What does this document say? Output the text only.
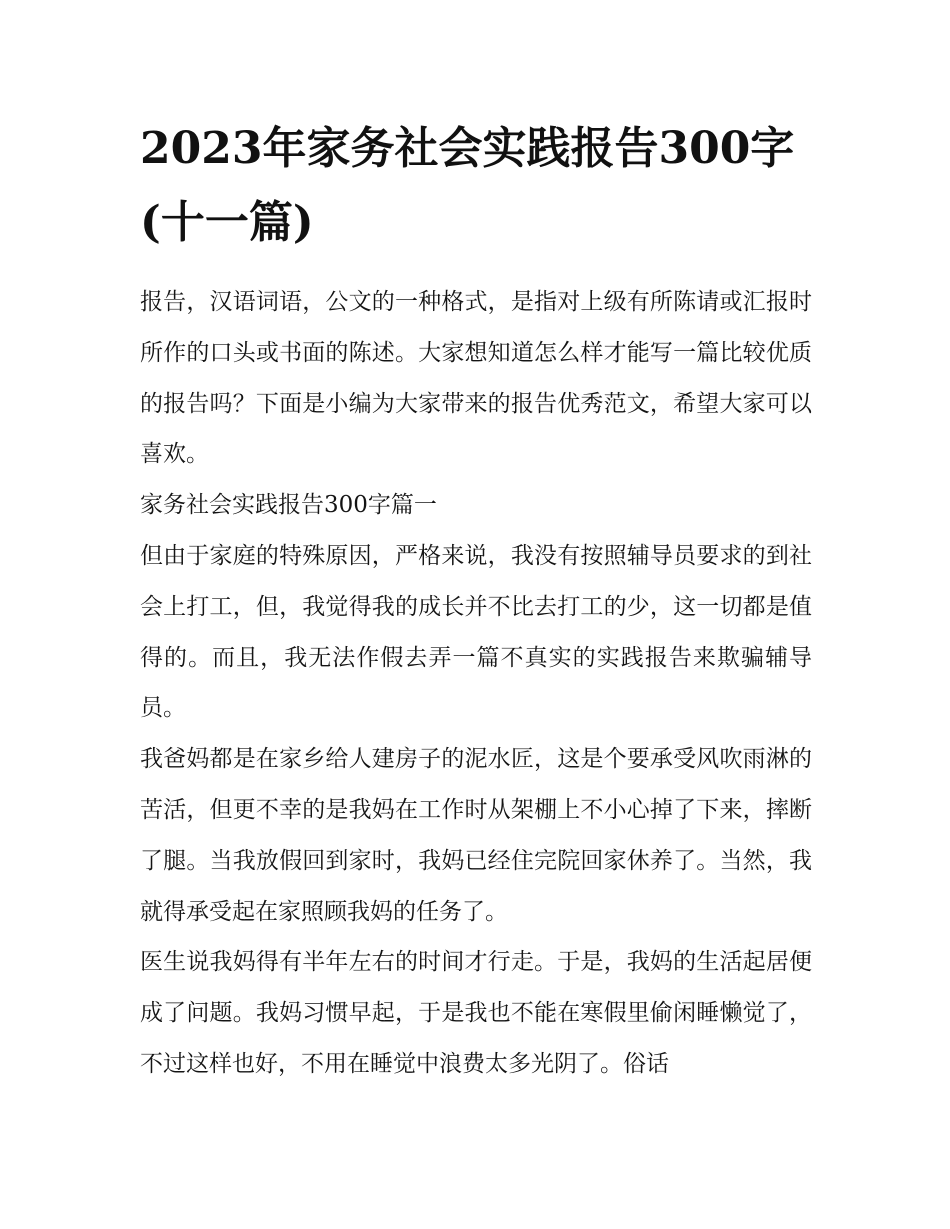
2023年家务社会实践报告300字(十一篇)

报告，汉语词语，公文的一种格式，是指对上级有所陈请或汇报时所作的口头或书面的陈述。大家想知道怎么样才能写一篇比较优质的报告吗？下面是小编为大家带来的报告优秀范文，希望大家可以喜欢。

家务社会实践报告300字篇一

但由于家庭的特殊原因，严格来说，我没有按照辅导员要求的到社会上打工，但，我觉得我的成长并不比去打工的少，这一切都是值得的。而且，我无法作假去弄一篇不真实的实践报告来欺骗辅导员。

我爸妈都是在家乡给人建房子的泥水匠，这是个要承受风吹雨淋的苦活，但更不幸的是我妈在工作时从架棚上不小心掉了下来，摔断了腿。当我放假回到家时，我妈已经住完院回家休养了。当然，我就得承受起在家照顾我妈的任务了。

医生说我妈得有半年左右的时间才行走。于是，我妈的生活起居便成了问题。我妈习惯早起，于是我也不能在寒假里偷闲睡懒觉了，不过这样也好，不用在睡觉中浪费太多光阴了。俗话
